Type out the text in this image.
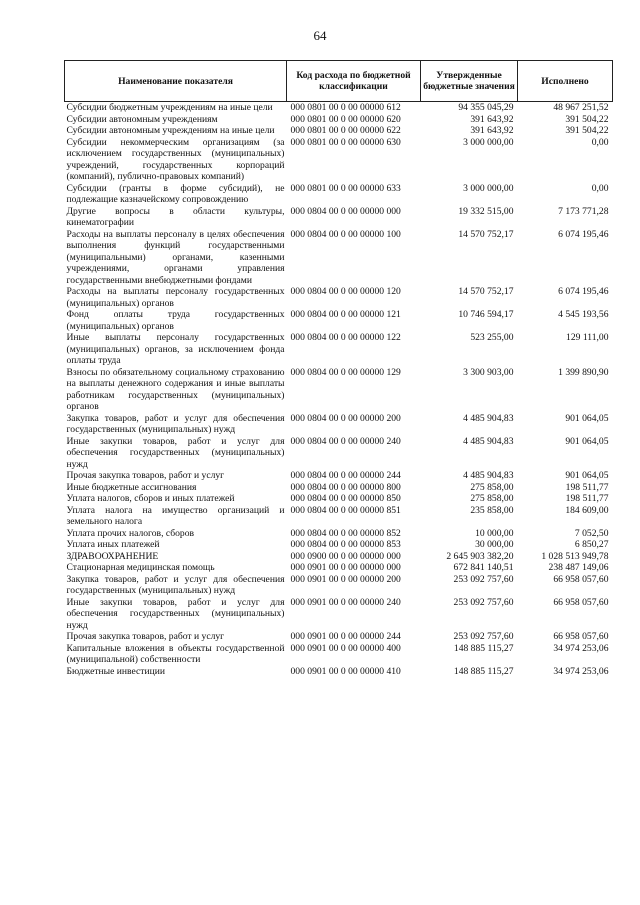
64
Наименование показателя	Код расхода по бюджетной классификации	Утвержденные бюджетные значения	Исполнено
Субсидии бюджетным учреждениям на иные цели	000 0801 00 0 00 00000 612	94 355 045,29	48 967 251,52
Субсидии автономным учреждениям	000 0801 00 0 00 00000 620	391 643,92	391 504,22
Субсидии автономным учреждениям на иные цели	000 0801 00 0 00 00000 622	391 643,92	391 504,22
Субсидии некоммерческим организациям (за исключением государственных (муниципальных) учреждений, государственных корпораций (компаний), публично-правовых компаний)	000 0801 00 0 00 00000 630	3 000 000,00	0,00
Субсидии (гранты в форме субсидий), не подлежащие казначейскому сопровождению	000 0801 00 0 00 00000 633	3 000 000,00	0,00
Другие вопросы в области культуры, кинематографии	000 0804 00 0 00 00000 000	19 332 515,00	7 173 771,28
Расходы на выплаты персоналу в целях обеспечения выполнения функций государственными (муниципальными) органами, казенными учреждениями, органами управления государственными внебюджетными фондами	000 0804 00 0 00 00000 100	14 570 752,17	6 074 195,46
Расходы на выплаты персоналу государственных (муниципальных) органов	000 0804 00 0 00 00000 120	14 570 752,17	6 074 195,46
Фонд оплаты труда государственных (муниципальных) органов	000 0804 00 0 00 00000 121	10 746 594,17	4 545 193,56
Иные выплаты персоналу государственных (муниципальных) органов, за исключением фонда оплаты труда	000 0804 00 0 00 00000 122	523 255,00	129 111,00
Взносы по обязательному социальному страхованию на выплаты денежного содержания и иные выплаты работникам государственных (муниципальных) органов	000 0804 00 0 00 00000 129	3 300 903,00	1 399 890,90
Закупка товаров, работ и услуг для обеспечения государственных (муниципальных) нужд	000 0804 00 0 00 00000 200	4 485 904,83	901 064,05
Иные закупки товаров, работ и услуг для обеспечения государственных (муниципальных) нужд	000 0804 00 0 00 00000 240	4 485 904,83	901 064,05
Прочая закупка товаров, работ и услуг	000 0804 00 0 00 00000 244	4 485 904,83	901 064,05
Иные бюджетные ассигнования	000 0804 00 0 00 00000 800	275 858,00	198 511,77
Уплата налогов, сборов и иных платежей	000 0804 00 0 00 00000 850	275 858,00	198 511,77
Уплата налога на имущество организаций и земельного налога	000 0804 00 0 00 00000 851	235 858,00	184 609,00
Уплата прочих налогов, сборов	000 0804 00 0 00 00000 852	10 000,00	7 052,50
Уплата иных платежей	000 0804 00 0 00 00000 853	30 000,00	6 850,27
ЗДРАВООХРАНЕНИЕ	000 0900 00 0 00 00000 000	2 645 903 382,20	1 028 513 949,78
Стационарная медицинская помощь	000 0901 00 0 00 00000 000	672 841 140,51	238 487 149,06
Закупка товаров, работ и услуг для обеспечения государственных (муниципальных) нужд	000 0901 00 0 00 00000 200	253 092 757,60	66 958 057,60
Иные закупки товаров, работ и услуг для обеспечения государственных (муниципальных) нужд	000 0901 00 0 00 00000 240	253 092 757,60	66 958 057,60
Прочая закупка товаров, работ и услуг	000 0901 00 0 00 00000 244	253 092 757,60	66 958 057,60
Капитальные вложения в объекты государственной (муниципальной) собственности	000 0901 00 0 00 00000 400	148 885 115,27	34 974 253,06
Бюджетные инвестиции	000 0901 00 0 00 00000 410	148 885 115,27	34 974 253,06
